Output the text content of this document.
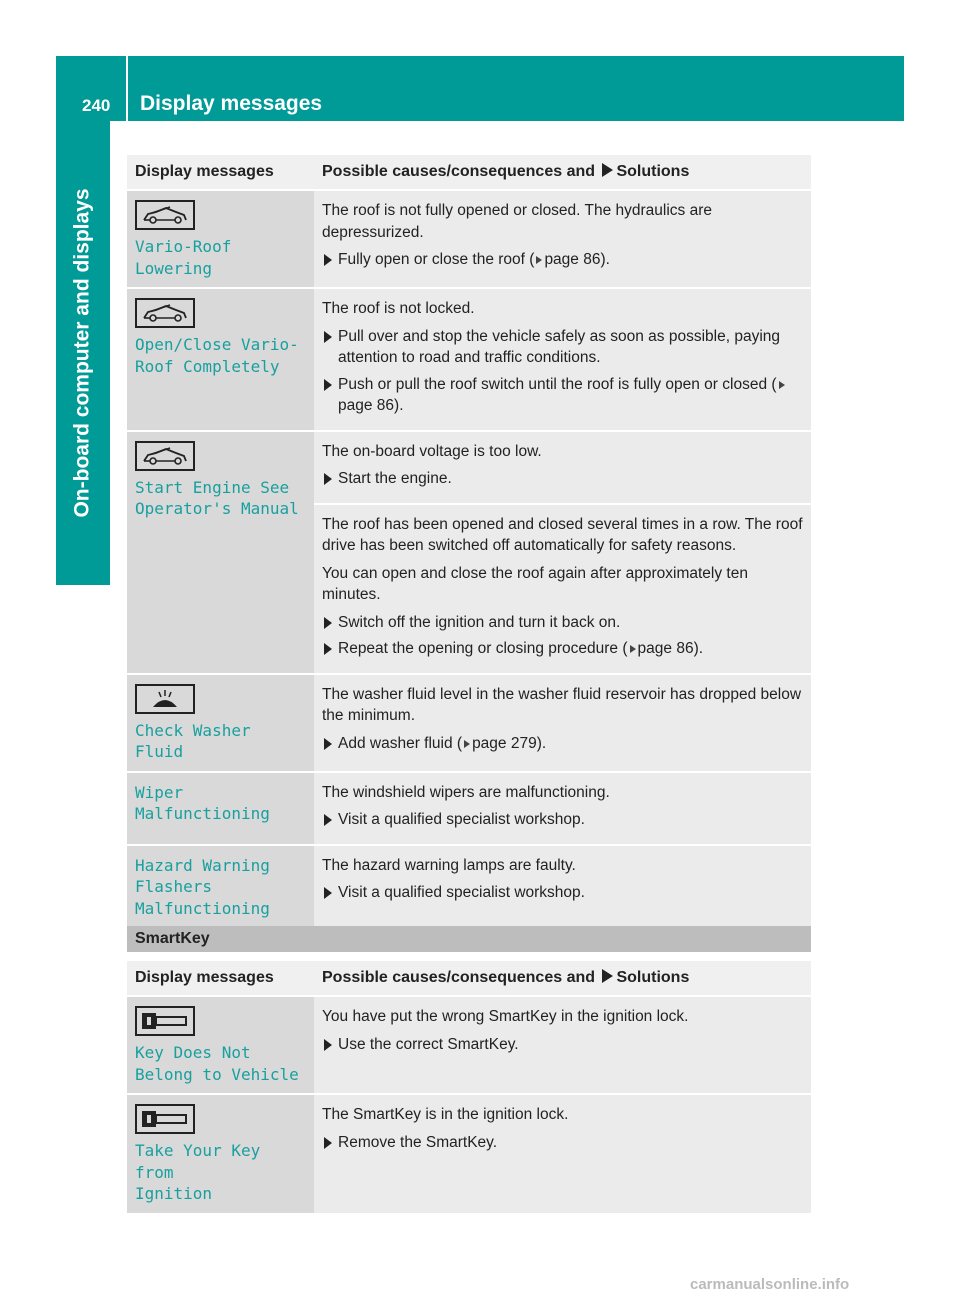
240 Display messages
On-board computer and displays
Display messages	Possible causes/consequences and Solutions
Vario-Roof
Lowering

The roof is not fully opened or closed. The hydraulics are depressurized.

Fully open or close the roof ( page 86).
Open/Close Vario-
Roof Completely

The roof is not locked.

Pull over and stop the vehicle safely as soon as possible, paying attention to road and traffic conditions.
Push or pull the roof switch until the roof is fully open or closed (page 86).
Start Engine See
Operator's Manual

The on-board voltage is too low.

Start the engine.

The roof has been opened and closed several times in a row. The roof drive has been switched off automatically for safety reasons.

You can open and close the roof again after approximately ten minutes.

Switch off the ignition and turn it back on.
Repeat the opening or closing procedure ( page 86).
Check Washer Fluid

The washer fluid level in the washer fluid reservoir has dropped below the minimum.

Add washer fluid ( page 279).
Wiper
Malfunctioning

The windshield wipers are malfunctioning.

Visit a qualified specialist workshop.
Hazard Warning
Flashers
Malfunctioning

The hazard warning lamps are faulty.

Visit a qualified specialist workshop.
SmartKey
Display messages	Possible causes/consequences and Solutions
Key Does Not
Belong to Vehicle

You have put the wrong SmartKey in the ignition lock.

Use the correct SmartKey.
Take Your Key from
Ignition

The SmartKey is in the ignition lock.

Remove the SmartKey.
carmanualsonline.info
